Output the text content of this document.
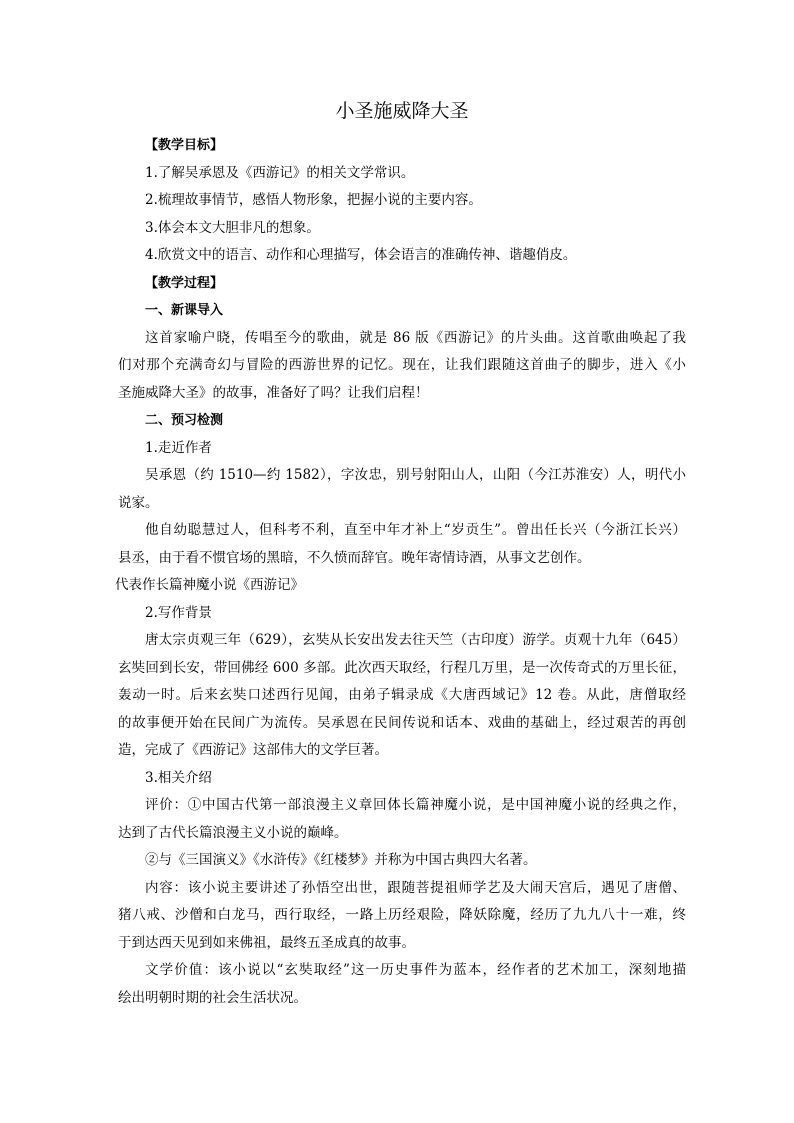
小圣施威降大圣

【教学目标】

1.了解吴承恩及《西游记》的相关文学常识。

2.梳理故事情节，感悟人物形象，把握小说的主要内容。

3.体会本文大胆非凡的想象。

4.欣赏文中的语言、动作和心理描写，体会语言的准确传神、谐趣俏皮。

【教学过程】

一、新课导入

这首家喻户晓，传唱至今的歌曲，就是 86 版《西游记》的片头曲。这首歌曲唤起了我

们对那个充满奇幻与冒险的西游世界的记忆。现在，让我们跟随这首曲子的脚步，进入《小

圣施威降大圣》的故事，准备好了吗？让我们启程！

二、预习检测

1.走近作者

吴承恩（约 1510—约 1582），字汝忠，别号射阳山人，山阳（今江苏淮安）人，明代小

说家。

他自幼聪慧过人，但科考不利，直至中年才补上“岁贡生”。曾出任长兴（今浙江长兴）

县丞，由于看不惯官场的黑暗，不久愤而辞官。晚年寄情诗酒，从事文艺创作。

代表作长篇神魔小说《西游记》

2.写作背景

唐太宗贞观三年（629），玄奘从长安出发去往天竺（古印度）游学。贞观十九年（645）

玄奘回到长安，带回佛经 600 多部。此次西天取经，行程几万里，是一次传奇式的万里长征，

轰动一时。后来玄奘口述西行见闻，由弟子辑录成《大唐西域记》12 卷。从此，唐僧取经

的故事便开始在民间广为流传。吴承恩在民间传说和话本、戏曲的基础上，经过艰苦的再创

造，完成了《西游记》这部伟大的文学巨著。

3.相关介绍

评价：①中国古代第一部浪漫主义章回体长篇神魔小说，是中国神魔小说的经典之作，

达到了古代长篇浪漫主义小说的巅峰。

②与《三国演义》《水浒传》《红楼梦》并称为中国古典四大名著。

内容：该小说主要讲述了孙悟空出世，跟随菩提祖师学艺及大闹天宫后，遇见了唐僧、

猪八戒、沙僧和白龙马，西行取经，一路上历经艰险，降妖除魔，经历了九九八十一难，终

于到达西天见到如来佛祖，最终五圣成真的故事。

文学价值：该小说以“玄奘取经”这一历史事件为蓝本，经作者的艺术加工，深刻地描

绘出明朝时期的社会生活状况。
